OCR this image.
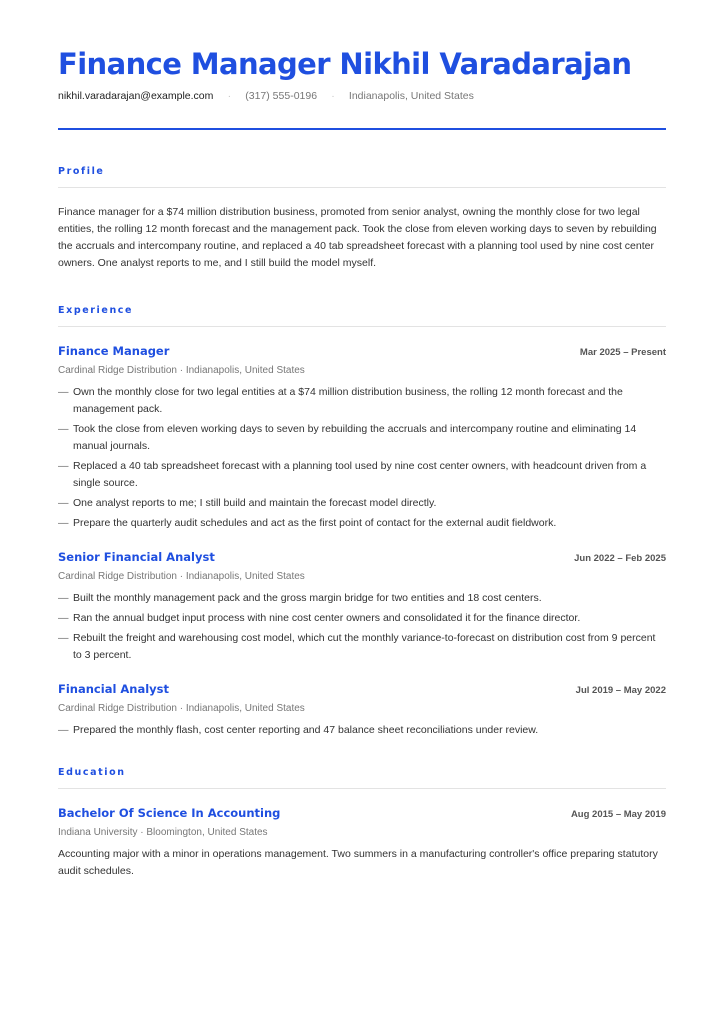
Finance Manager Nikhil Varadarajan
nikhil.varadarajan@example.com · (317) 555-0196 · Indianapolis, United States
Profile

Finance manager for a $74 million distribution business, promoted from senior analyst, owning the monthly close for two legal entities, the rolling 12 month forecast and the management pack. Took the close from eleven working days to seven by rebuilding the accruals and intercompany routine, and replaced a 40 tab spreadsheet forecast with a planning tool used by nine cost center owners. One analyst reports to me, and I still build the model myself.

Experience
Finance Manager	Mar 2025 – Present
Cardinal Ridge Distribution · Indianapolis, United States
— Own the monthly close for two legal entities at a $74 million distribution business, the rolling 12 month forecast and the management pack.
— Took the close from eleven working days to seven by rebuilding the accruals and intercompany routine and eliminating 14 manual journals.
— Replaced a 40 tab spreadsheet forecast with a planning tool used by nine cost center owners, with headcount driven from a single source.
— One analyst reports to me; I still build and maintain the forecast model directly.
— Prepare the quarterly audit schedules and act as the first point of contact for the external audit fieldwork.
Senior Financial Analyst	Jun 2022 – Feb 2025
Cardinal Ridge Distribution · Indianapolis, United States
— Built the monthly management pack and the gross margin bridge for two entities and 18 cost centers.
— Ran the annual budget input process with nine cost center owners and consolidated it for the finance director.
— Rebuilt the freight and warehousing cost model, which cut the monthly variance-to-forecast on distribution cost from 9 percent to 3 percent.
Financial Analyst	Jul 2019 – May 2022
Cardinal Ridge Distribution · Indianapolis, United States
— Prepared the monthly flash, cost center reporting and 47 balance sheet reconciliations under review.
Education
Bachelor Of Science In Accounting	Aug 2015 – May 2019
Indiana University · Bloomington, United States
Accounting major with a minor in operations management. Two summers in a manufacturing controller's office preparing statutory audit schedules.
